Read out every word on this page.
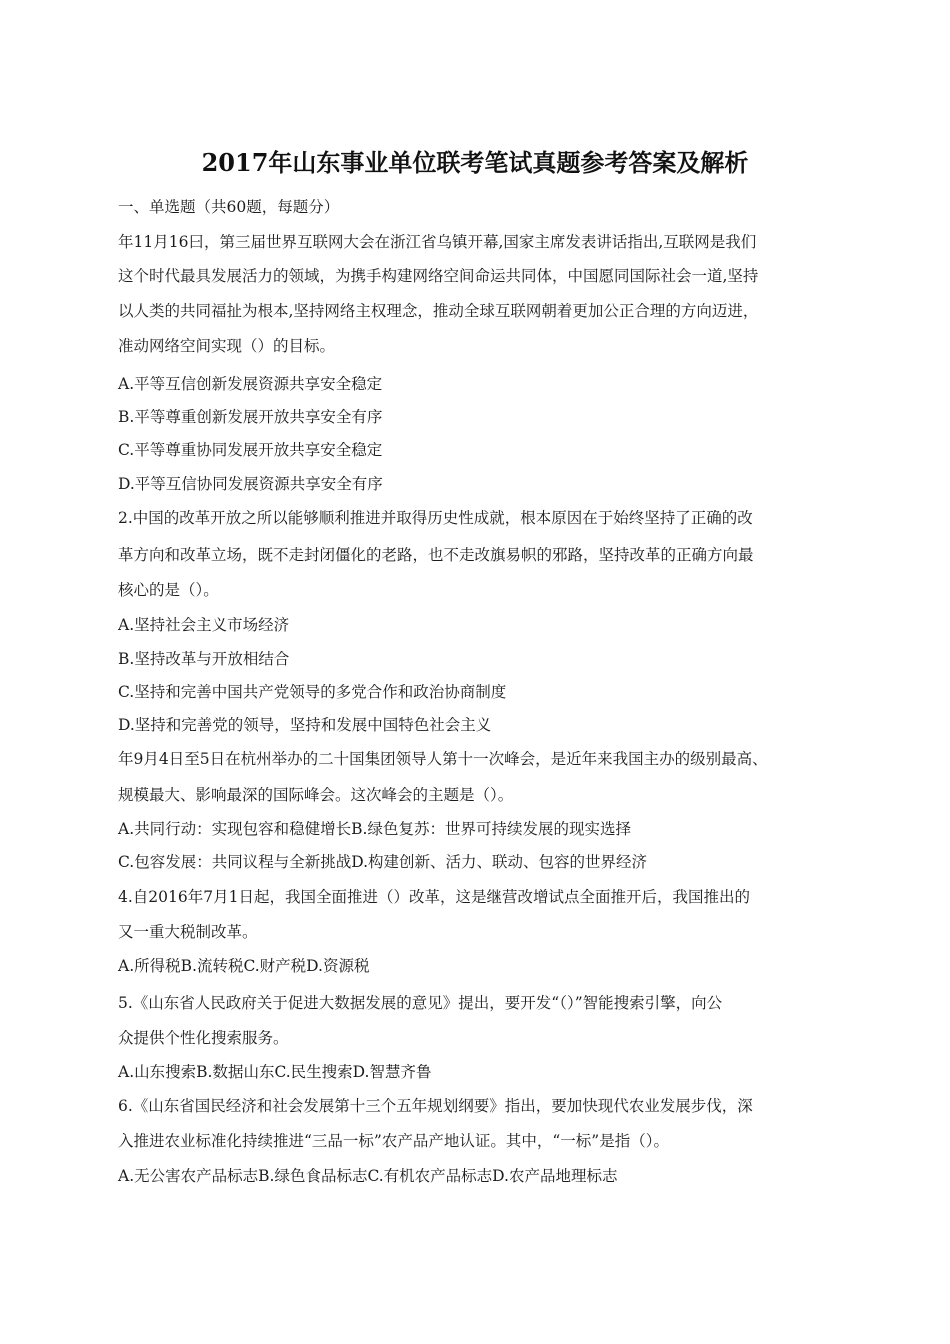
2017年山东事业单位联考笔试真题参考答案及解析
一、单选题（共60题，每题分）
年11月16曰，第三届世界互联网大会在浙江省乌镇开幕,国家主席发表讲话指出,互联网是我们
这个时代最具发展活力的领域，为携手构建网络空间命运共同体，中国愿同国际社会一道,坚持
以人类的共同福扯为根本,坚持网络主权理念，推动全球互联网朝着更加公正合理的方向迈进，
准动网络空间实现（）的目标。
A.平等互信创新发展资源共享安全稳定
B.平等尊重创新发展开放共享安全有序
C.平等尊重协同发展开放共享安全稳定
D.平等互信协同发展资源共享安全有序
2.中国的改革开放之所以能够顺利推进并取得历史性成就，根本原因在于始终坚持了正确的改
革方向和改革立场，既不走封闭僵化的老路，也不走改旗易帜的邪路，坚持改革的正确方向最
核心的是（）。
A.坚持社会主义市场经济
B.坚持改革与开放相结合
C.坚持和完善中国共产党领导的多党合作和政治协商制度
D.坚持和完善党的领导，坚持和发展中国特色社会主义
年9月4日至5日在杭州举办的二十国集团领导人第十一次峰会，是近年来我国主办的级别最高、
规模最大、影响最深的国际峰会。这次峰会的主题是（）。
A.共同行动：实现包容和稳健增长B.绿色复苏：世界可持续发展的现实选择
C.包容发展：共同议程与全新挑战D.构建创新、活力、联动、包容的世界经济
4.自2016年7月1日起，我国全面推进（）改革，这是继营改增试点全面推开后，我国推出的
又一重大税制改革。
A.所得税B.流转税C.财产税D.资源税
5.《山东省人民政府关于促进大数据发展的意见》提出，要开发“（）”智能搜索引擎，向公
众提供个性化搜索服务。
A.山东搜索B.数据山东C.民生搜索D.智慧齐鲁
6.《山东省国民经济和社会发展第十三个五年规划纲要》指出，要加快现代农业发展步伐，深
入推进农业标准化持续推进“三品一标”农产品产地认证。其中，“一标”是指（）。
A.无公害农产品标志B.绿色食品标志C.有机农产品标志D.农产品地理标志
